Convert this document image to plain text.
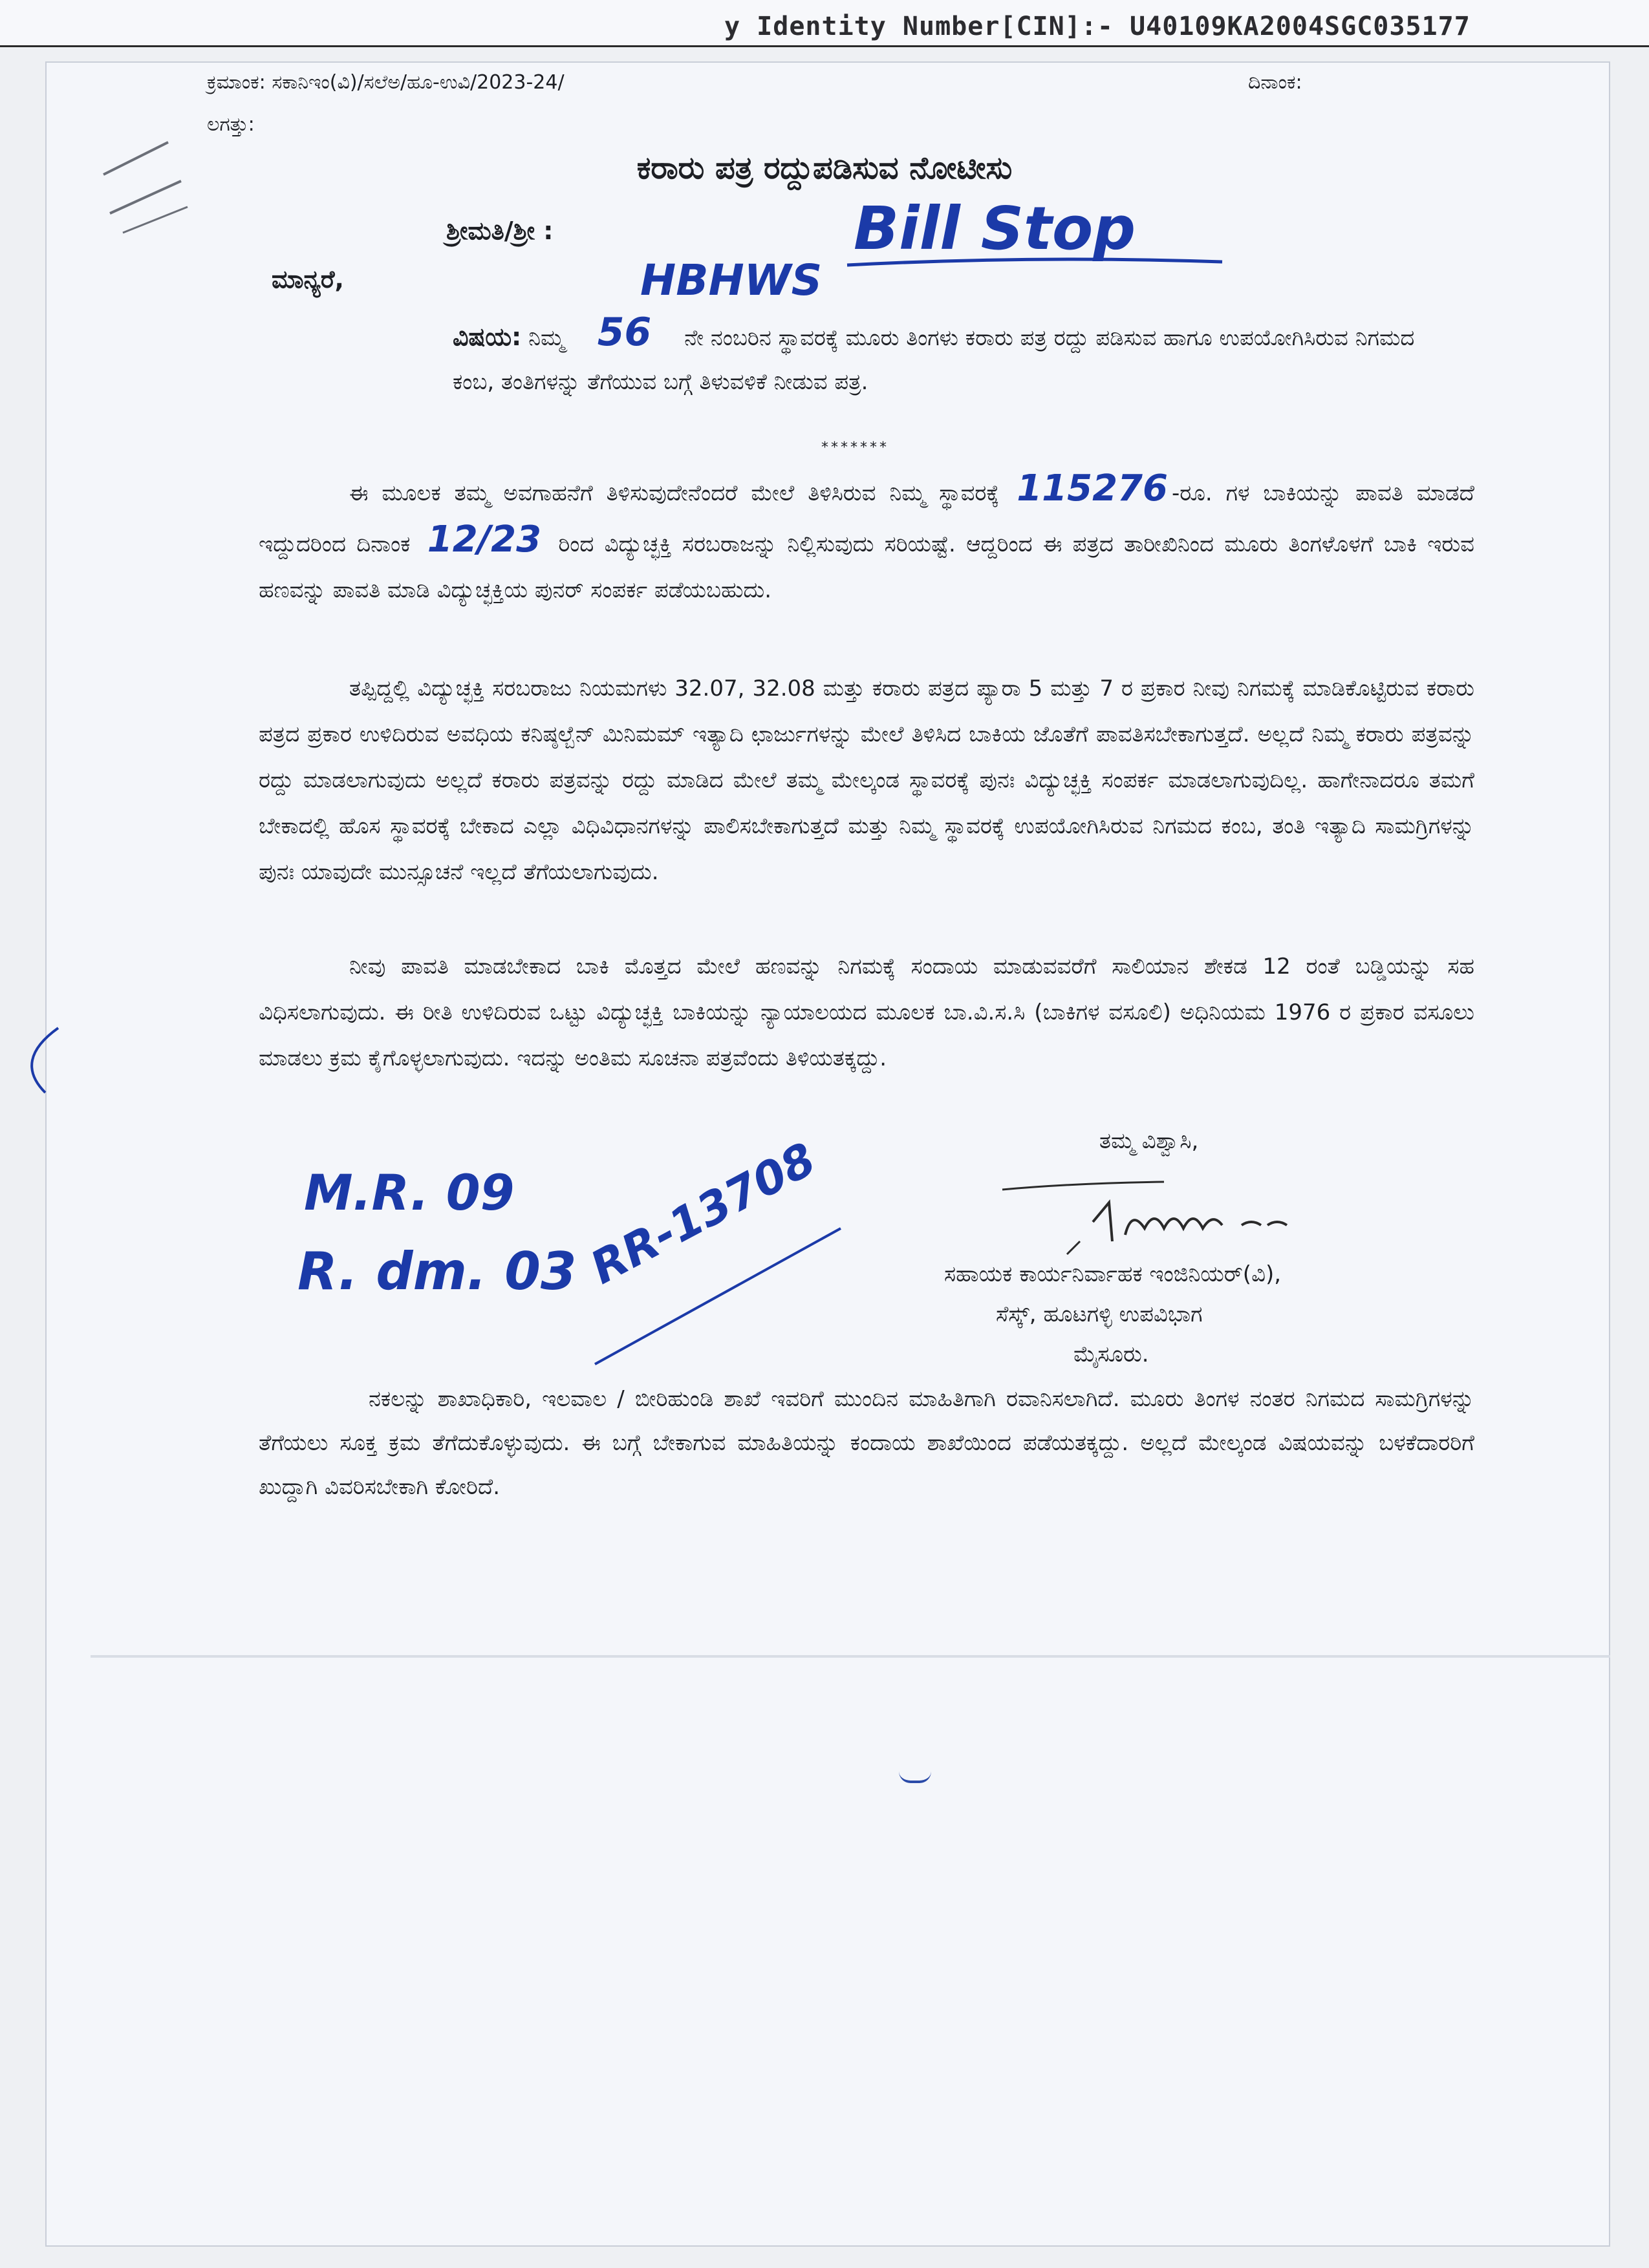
y Identity Number[CIN]:- U40109KA2004SGC035177
ಕ್ರಮಾಂಕ: ಸಕಾನಿಇಂ(ವಿ)/ಸಲೆಅ/ಹೂ-ಉವಿ/2023-24/	ದಿನಾಂಕ:
ಲಗತ್ತು:
ಕರಾರು ಪತ್ರ ರದ್ದುಪಡಿಸುವ ನೋಟೀಸು
ಶ್ರೀಮತಿ/ಶ್ರೀ :	Bill Stop
ಮಾನ್ಯರೆ,	HBHWS
ವಿಷಯ: ನಿಮ್ಮ 56 ನೇ ನಂಬರಿನ ಸ್ಥಾವರಕ್ಕೆ ಮೂರು ತಿಂಗಳು ಕರಾರು ಪತ್ರ ರದ್ದು ಪಡಿಸುವ ಹಾಗೂ ಉಪಯೋಗಿಸಿರುವ ನಿಗಮದ ಕಂಬ, ತಂತಿಗಳನ್ನು ತೆಗೆಯುವ ಬಗ್ಗೆ ತಿಳುವಳಿಕೆ ನೀಡುವ ಪತ್ರ.
*******
ಈ ಮೂಲಕ ತಮ್ಮ ಅವಗಾಹನೆಗೆ ತಿಳಿಸುವುದೇನೆಂದರೆ ಮೇಲೆ ತಿಳಿಸಿರುವ ನಿಮ್ಮ ಸ್ಥಾವರಕ್ಕೆ 115276 -ರೂ. ಗಳ ಬಾಕಿಯನ್ನು ಪಾವತಿ ಮಾಡದೆ ಇದ್ದುದರಿಂದ ದಿನಾಂಕ 12/23 ರಿಂದ ವಿದ್ಯುಚ್ಛಕ್ತಿ ಸರಬರಾಜನ್ನು ನಿಲ್ಲಿಸುವುದು ಸರಿಯಷ್ಟೆ. ಆದ್ದರಿಂದ ಈ ಪತ್ರದ ತಾರೀಖಿನಿಂದ ಮೂರು ತಿಂಗಳೊಳಗೆ ಬಾಕಿ ಇರುವ ಹಣವನ್ನು ಪಾವತಿ ಮಾಡಿ ವಿದ್ಯುಚ್ಛಕ್ತಿಯ ಪುನರ್ ಸಂಪರ್ಕ ಪಡೆಯಬಹುದು.
ತಪ್ಪಿದ್ದಲ್ಲಿ ವಿದ್ಯುಚ್ಛಕ್ತಿ ಸರಬರಾಜು ನಿಯಮಗಳು 32.07, 32.08 ಮತ್ತು ಕರಾರು ಪತ್ರದ ಪ್ಯಾರಾ 5 ಮತ್ತು 7 ರ ಪ್ರಕಾರ ನೀವು ನಿಗಮಕ್ಕೆ ಮಾಡಿಕೊಟ್ಟಿರುವ ಕರಾರು ಪತ್ರದ ಪ್ರಕಾರ ಉಳಿದಿರುವ ಅವಧಿಯ ಕನಿಷ್ಠಲ್ಬೆನ್ ಮಿನಿಮಮ್ ಇತ್ಯಾದಿ ಛಾರ್ಜುಗಳನ್ನು ಮೇಲೆ ತಿಳಿಸಿದ ಬಾಕಿಯ ಜೊತೆಗೆ ಪಾವತಿಸಬೇಕಾಗುತ್ತದೆ. ಅಲ್ಲದೆ ನಿಮ್ಮ ಕರಾರು ಪತ್ರವನ್ನು ರದ್ದು ಮಾಡಲಾಗುವುದು ಅಲ್ಲದೆ ಕರಾರು ಪತ್ರವನ್ನು ರದ್ದು ಮಾಡಿದ ಮೇಲೆ ತಮ್ಮ ಮೇಲ್ಕಂಡ ಸ್ಥಾವರಕ್ಕೆ ಪುನಃ ವಿದ್ಯುಚ್ಛಕ್ತಿ ಸಂಪರ್ಕ ಮಾಡಲಾಗುವುದಿಲ್ಲ. ಹಾಗೇನಾದರೂ ತಮಗೆ ಬೇಕಾದಲ್ಲಿ ಹೊಸ ಸ್ಥಾವರಕ್ಕೆ ಬೇಕಾದ ಎಲ್ಲಾ ವಿಧಿವಿಧಾನಗಳನ್ನು ಪಾಲಿಸಬೇಕಾಗುತ್ತದೆ ಮತ್ತು ನಿಮ್ಮ ಸ್ಥಾವರಕ್ಕೆ ಉಪಯೋಗಿಸಿರುವ ನಿಗಮದ ಕಂಬ, ತಂತಿ ಇತ್ಯಾದಿ ಸಾಮಗ್ರಿಗಳನ್ನು ಪುನಃ ಯಾವುದೇ ಮುನ್ಸೂಚನೆ ಇಲ್ಲದೆ ತೆಗೆಯಲಾಗುವುದು.
ನೀವು ಪಾವತಿ ಮಾಡಬೇಕಾದ ಬಾಕಿ ಮೊತ್ತದ ಮೇಲೆ ಹಣವನ್ನು ನಿಗಮಕ್ಕೆ ಸಂದಾಯ ಮಾಡುವವರೆಗೆ ಸಾಲಿಯಾನ ಶೇಕಡ 12 ರಂತೆ ಬಡ್ಡಿಯನ್ನು ಸಹ ವಿಧಿಸಲಾಗುವುದು. ಈ ರೀತಿ ಉಳಿದಿರುವ ಒಟ್ಟು ವಿದ್ಯುಚ್ಛಕ್ತಿ ಬಾಕಿಯನ್ನು ನ್ಯಾಯಾಲಯದ ಮೂಲಕ ಬಾ.ವಿ.ಸ.ಸಿ (ಬಾಕಿಗಳ ವಸೂಲಿ) ಅಧಿನಿಯಮ 1976 ರ ಪ್ರಕಾರ ವಸೂಲು ಮಾಡಲು ಕ್ರಮ ಕೈಗೊಳ್ಳಲಾಗುವುದು. ಇದನ್ನು ಅಂತಿಮ ಸೂಚನಾ ಪತ್ರವೆಂದು ತಿಳಿಯತಕ್ಕದ್ದು.
ತಮ್ಮ ವಿಶ್ವಾಸಿ,
M.R. 09
R. dm. 03 RR-13708	ಸಹಾಯಕ ಕಾರ್ಯನಿರ್ವಾಹಕ ಇಂಜಿನಿಯರ್(ವಿ),
ಸೆಸ್ಕ್, ಹೂಟಗಳ್ಳಿ ಉಪವಿಭಾಗ
ಮೈಸೂರು.
ನಕಲನ್ನು ಶಾಖಾಧಿಕಾರಿ, ಇಲವಾಲ / ಬೀರಿಹುಂಡಿ ಶಾಖೆ ಇವರಿಗೆ ಮುಂದಿನ ಮಾಹಿತಿಗಾಗಿ ರವಾನಿಸಲಾಗಿದೆ. ಮೂರು ತಿಂಗಳ ನಂತರ ನಿಗಮದ ಸಾಮಗ್ರಿಗಳನ್ನು ತೆಗೆಯಲು ಸೂಕ್ತ ಕ್ರಮ ತೆಗೆದುಕೊಳ್ಳುವುದು. ಈ ಬಗ್ಗೆ ಬೇಕಾಗುವ ಮಾಹಿತಿಯನ್ನು ಕಂದಾಯ ಶಾಖೆಯಿಂದ ಪಡೆಯತಕ್ಕದ್ದು. ಅಲ್ಲದೆ ಮೇಲ್ಕಂಡ ವಿಷಯವನ್ನು ಬಳಕೆದಾರರಿಗೆ ಖುದ್ದಾಗಿ ವಿವರಿಸಬೇಕಾಗಿ ಕೋರಿದೆ.
